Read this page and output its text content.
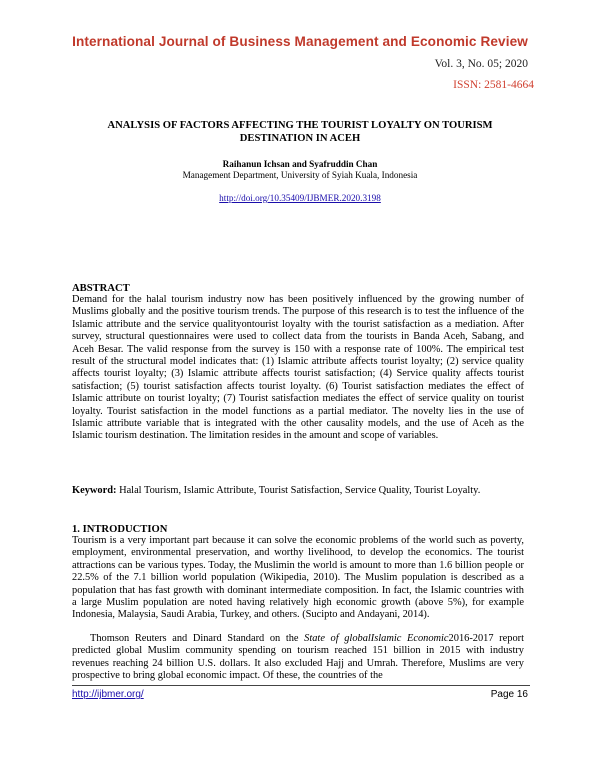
International Journal of Business Management and Economic Review
Vol. 3, No. 05; 2020
ISSN: 2581-4664
ANALYSIS OF FACTORS AFFECTING THE TOURIST LOYALTY ON TOURISM DESTINATION IN ACEH
Raihanun Ichsan and Syafruddin Chan
Management Department, University of Syiah Kuala, Indonesia
http://doi.org/10.35409/IJBMER.2020.3198
ABSTRACT
Demand for the halal tourism industry now has been positively influenced by the growing number of Muslims globally and the positive tourism trends. The purpose of this research is to test the influence of the Islamic attribute and the service qualityontourist loyalty with the tourist satisfaction as a mediation. After survey, structural questionnaires were used to collect data from the tourists in Banda Aceh, Sabang, and Aceh Besar. The valid response from the survey is 150 with a response rate of 100%. The empirical test result of the structural model indicates that: (1) Islamic attribute affects tourist loyalty; (2) service quality affects tourist loyalty; (3) Islamic attribute affects tourist satisfaction; (4) Service quality affects tourist satisfaction; (5) tourist satisfaction affects tourist loyalty. (6) Tourist satisfaction mediates the effect of Islamic attribute on tourist loyalty; (7) Tourist satisfaction mediates the effect of service quality on tourist loyalty. Tourist satisfaction in the model functions as a partial mediator. The novelty lies in the use of Islamic attribute variable that is integrated with the other causality models, and the use of Aceh as the Islamic tourism destination. The limitation resides in the amount and scope of variables.
Keyword: Halal Tourism, Islamic Attribute, Tourist Satisfaction, Service Quality, Tourist Loyalty.
1. INTRODUCTION
Tourism is a very important part because it can solve the economic problems of the world such as poverty, employment, environmental preservation, and worthy livelihood, to develop the economics. The tourist attractions can be various types. Today, the Muslimin the world is amount to more than 1.6 billion people or 22.5% of the 7.1 billion world population (Wikipedia, 2010). The Muslim population is described as a population that has fast growth with dominant intermediate composition. In fact, the Islamic countries with a large Muslim population are noted having relatively high economic growth (above 5%), for example Indonesia, Malaysia, Saudi Arabia, Turkey, and others. (Sucipto and Andayani, 2014).
Thomson Reuters and Dinard Standard on the State of globalIslamic Economic2016-2017 report predicted global Muslim community spending on tourism reached 151 billion in 2015 with industry revenues reaching 24 billion U.S. dollars. It also excluded Hajj and Umrah. Therefore, Muslims are very prospective to bring global economic impact. Of these, the countries of the
http://ijbmer.org/	Page 16
